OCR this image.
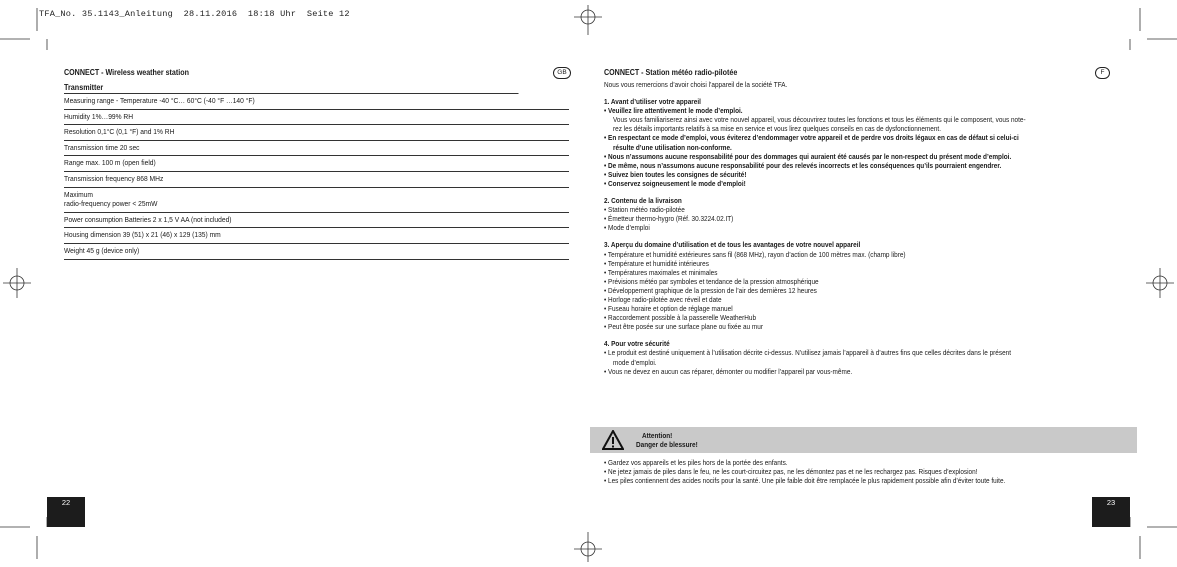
TFA_No. 35.1143_Anleitung  28.11.2016  18:18 Uhr  Seite 12
CONNECT - Wireless weather station	GB
Transmitter
Measuring range - Temperature -40 °C… 60°C (-40 °F …140 °F)
Humidity 1%…99% RH
Resolution 0,1°C (0,1 °F) and 1% RH
Transmission time 20 sec
Range max. 100 m (open field)
Transmission frequency 868 MHz
Maximum
radio-frequency power < 25mW
Power consumption Batteries 2 x 1,5 V AA (not included)
Housing dimension 39 (51) x 21 (46) x 129 (135) mm
Weight 45 g (device only)
22
CONNECT - Station météo radio-pilotée	F

Nous vous remercions d’avoir choisi l’appareil de la société TFA.

1. Avant d’utiliser votre appareil

• Veuillez lire attentivement le mode d’emploi.

Vous vous familiariserez ainsi avec votre nouvel appareil, vous découvrirez toutes les fonctions et tous les éléments qui le composent, vous note-

rez les détails importants relatifs à sa mise en service et vous lirez quelques conseils en cas de dysfonctionnement.

• En respectant ce mode d’emploi, vous éviterez d’endommager votre appareil et de perdre vos droits légaux en cas de défaut si celui-ci

résulte d’une utilisation non-conforme.

• Nous n’assumons aucune responsabilité pour des dommages qui auraient été causés par le non-respect du présent mode d’emploi.

• De même, nous n’assumons aucune responsabilité pour des relevés incorrects et les conséquences qu’ils pourraient engendrer.

• Suivez bien toutes les consignes de sécurité!

• Conservez soigneusement le mode d’emploi!

2. Contenu de la livraison

• Station météo radio-pilotée

• Émetteur thermo-hygro (Réf. 30.3224.02.IT)

• Mode d’emploi

3. Aperçu du domaine d’utilisation et de tous les avantages de votre nouvel appareil

• Température et humidité extérieures sans fil (868 MHz), rayon d’action de 100 mètres max. (champ libre)

• Température et humidité intérieures

• Températures maximales et minimales

• Prévisions météo par symboles et tendance de la pression atmosphérique

• Développement graphique de la pression de l’air des dernières 12 heures

• Horloge radio-pilotée avec réveil et date

• Fuseau horaire et option de réglage manuel

• Raccordement possible à la passerelle WeatherHub

• Peut être posée sur une surface plane ou fixée au mur

4. Pour votre sécurité

• Le produit est destiné uniquement à l’utilisation décrite ci-dessus. N’utilisez jamais l’appareil à d’autres fins que celles décrites dans le présent

mode d’emploi.

• Vous ne devez en aucun cas réparer, démonter ou modifier l’appareil par vous-même.

Attention!
Danger de blessure!

• Gardez vos appareils et les piles hors de la portée des enfants.

• Ne jetez jamais de piles dans le feu, ne les court-circuitez pas, ne les démontez pas et ne les rechargez pas. Risques d’explosion!

• Les piles contiennent des acides nocifs pour la santé. Une pile faible doit être remplacée le plus rapidement possible afin d’éviter toute fuite.

23
